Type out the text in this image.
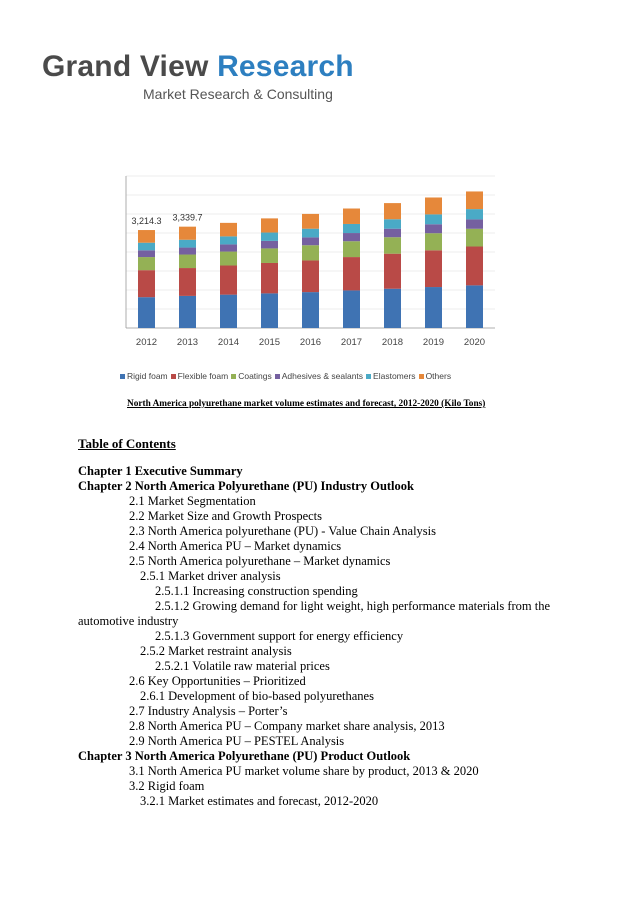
Grand View Research
Market Research & Consulting
2012 2013 2014 2015 2016 2017 2018 2019 2020
3,214.3 3,339.7
Rigid foam Flexible foam Coatings Adhesives & sealants Elastomers Others
North America polyurethane market volume estimates and forecast, 2012-2020 (Kilo Tons)
Table of Contents
Chapter 1 Executive Summary
Chapter 2 North America Polyurethane (PU) Industry Outlook
2.1 Market Segmentation
2.2 Market Size and Growth Prospects
2.3 North America polyurethane (PU) - Value Chain Analysis
2.4 North America PU – Market dynamics
2.5 North America polyurethane – Market dynamics
2.5.1 Market driver analysis
2.5.1.1 Increasing construction spending
2.5.1.2 Growing demand for light weight, high performance materials from the automotive industry
2.5.1.3 Government support for energy efficiency
2.5.2 Market restraint analysis
2.5.2.1 Volatile raw material prices
2.6 Key Opportunities – Prioritized
2.6.1 Development of bio-based polyurethanes
2.7 Industry Analysis – Porter’s
2.8 North America PU – Company market share analysis, 2013
2.9 North America PU – PESTEL Analysis
Chapter 3 North America Polyurethane (PU) Product Outlook
3.1 North America PU market volume share by product, 2013 & 2020
3.2 Rigid foam
3.2.1 Market estimates and forecast, 2012-2020
